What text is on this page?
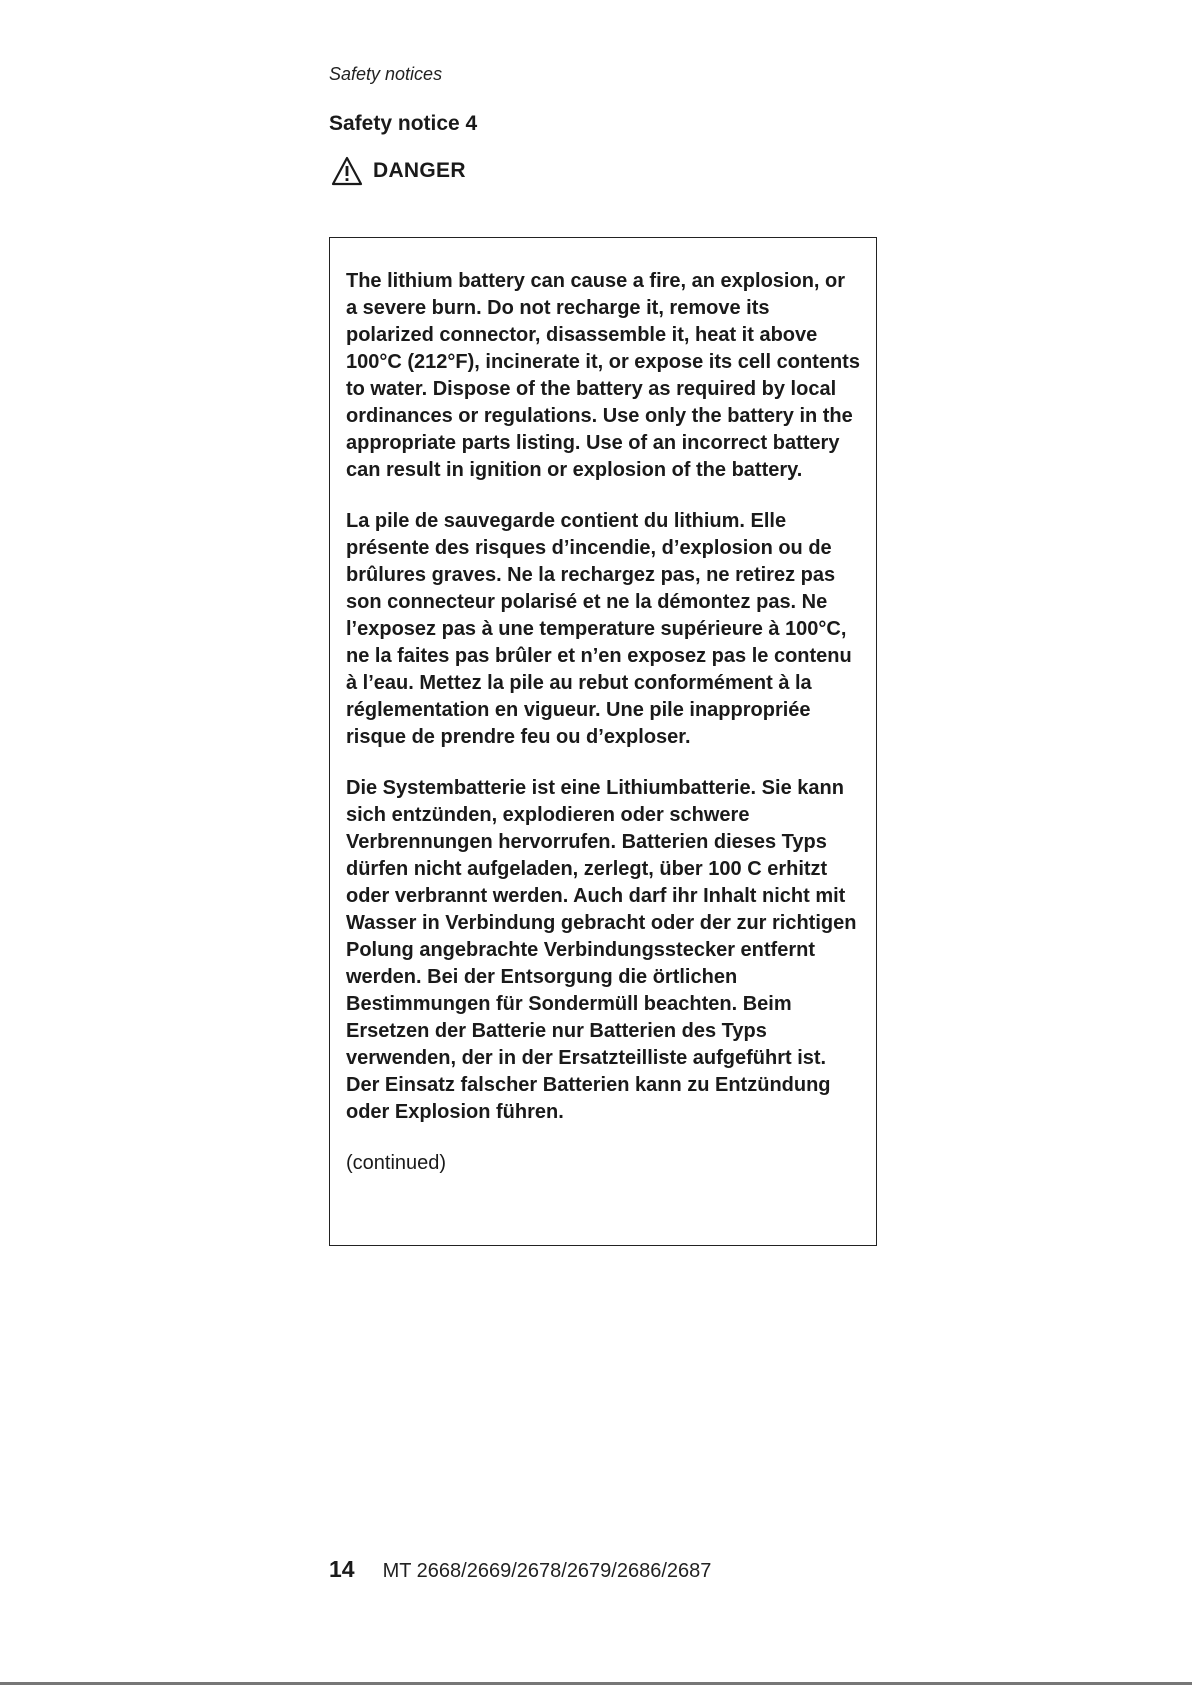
Safety notices
Safety notice 4
DANGER

The lithium battery can cause a fire, an explosion, or a severe burn. Do not recharge it, remove its polarized connector, disassemble it, heat it above 100°C (212°F), incinerate it, or expose its cell contents to water. Dispose of the battery as required by local ordinances or regulations. Use only the battery in the appropriate parts listing. Use of an incorrect battery can result in ignition or explosion of the battery.

La pile de sauvegarde contient du lithium. Elle présente des risques d’incendie, d’explosion ou de brûlures graves. Ne la rechargez pas, ne retirez pas son connecteur polarisé et ne la démontez pas. Ne l’exposez pas à une temperature supérieure à 100°C, ne la faites pas brûler et n’en exposez pas le contenu à l’eau. Mettez la pile au rebut conformément à la réglementation en vigueur. Une pile inappropriée risque de prendre feu ou d’exploser.

Die Systembatterie ist eine Lithiumbatterie. Sie kann sich entzünden, explodieren oder schwere Verbrennungen hervorrufen. Batterien dieses Typs dürfen nicht aufgeladen, zerlegt, über 100 C erhitzt oder verbrannt werden. Auch darf ihr Inhalt nicht mit Wasser in Verbindung gebracht oder der zur richtigen Polung angebrachte Verbindungsstecker entfernt werden. Bei der Entsorgung die örtlichen Bestimmungen für Sondermüll beachten. Beim Ersetzen der Batterie nur Batterien des Typs verwenden, der in der Ersatzteilliste aufgeführt ist. Der Einsatz falscher Batterien kann zu Entzündung oder Explosion führen.

(continued)

14 MT 2668/2669/2678/2679/2686/2687
